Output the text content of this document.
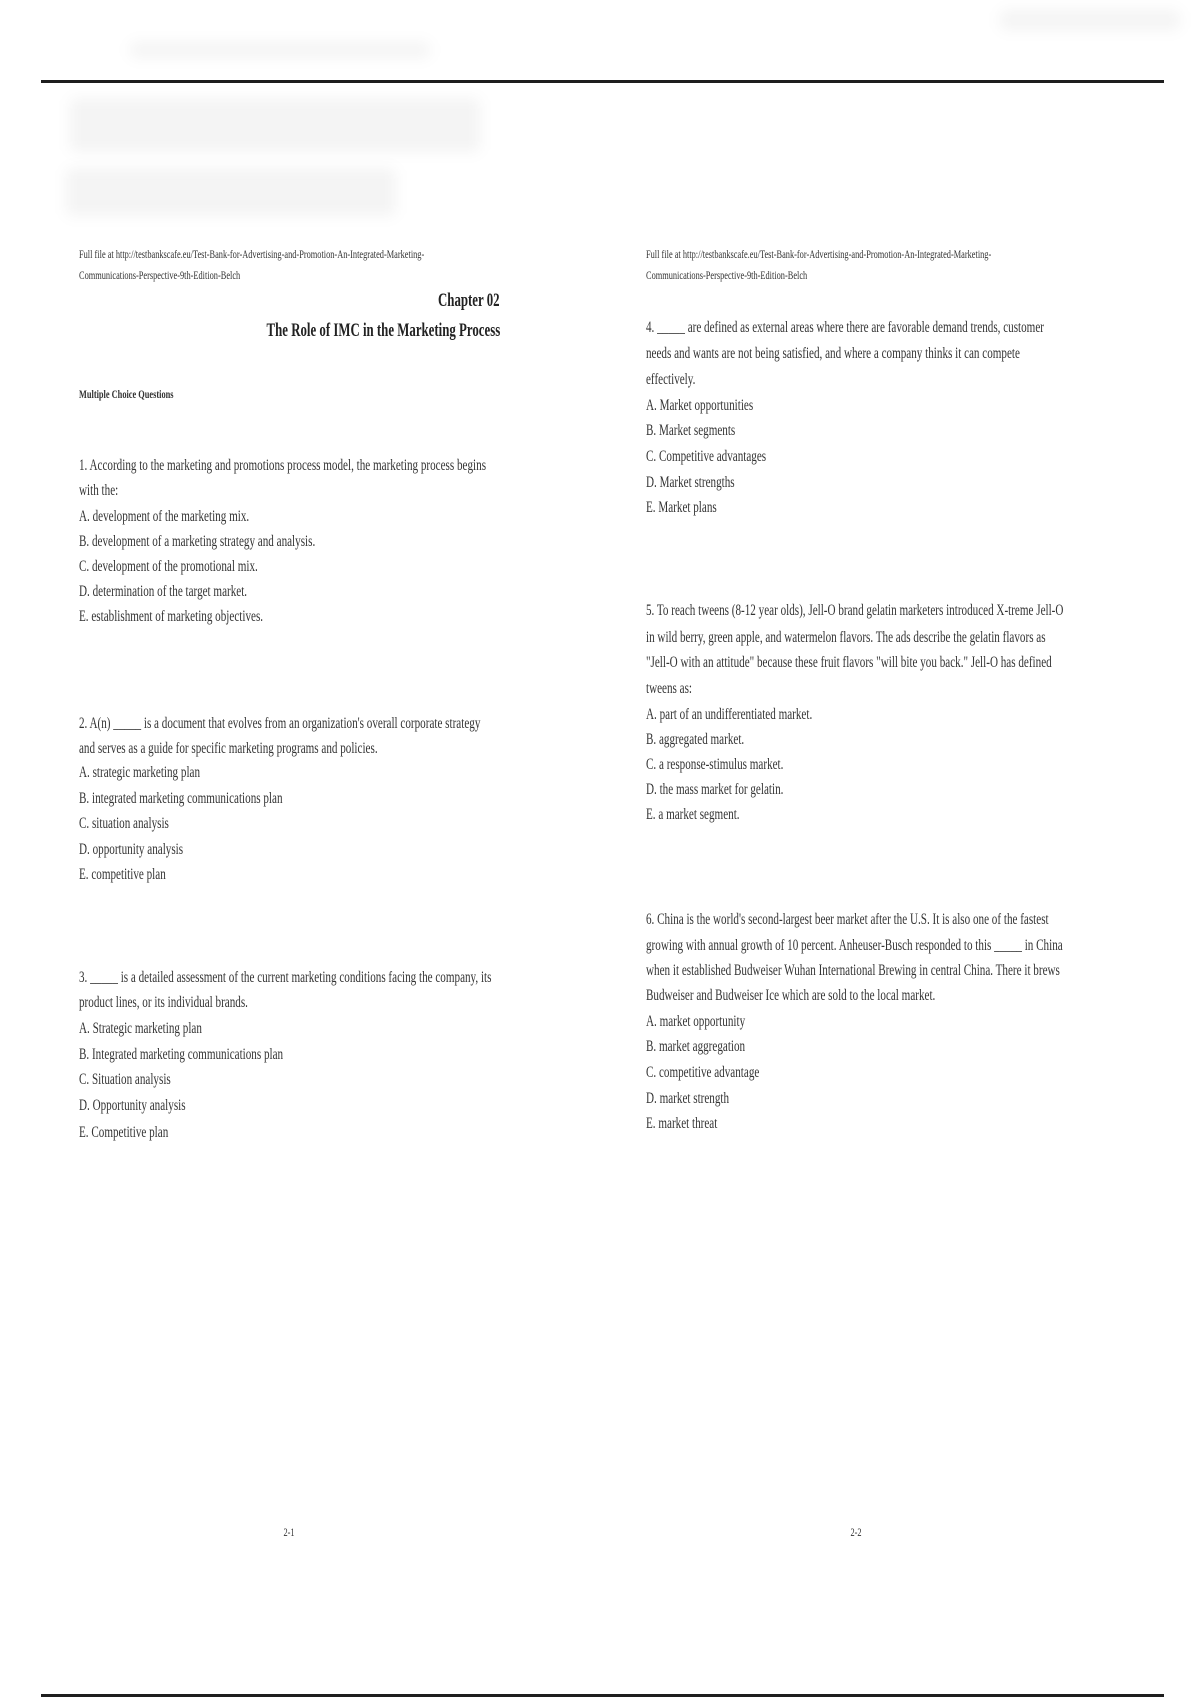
Full file at http://testbankscafe.eu/Test-Bank-for-Advertising-and-Promotion-An-Integrated-Marketing-
Communications-Perspective-9th-Edition-Belch
Chapter 02
The Role of IMC in the Marketing Process
Multiple Choice Questions
1. According to the marketing and promotions process model, the marketing process begins
with the:
A. development of the marketing mix.
B. development of a marketing strategy and analysis.
C. development of the promotional mix.
D. determination of the target market.
E. establishment of marketing objectives.
2. A(n) _____ is a document that evolves from an organization's overall corporate strategy
and serves as a guide for specific marketing programs and policies.
A. strategic marketing plan
B. integrated marketing communications plan
C. situation analysis
D. opportunity analysis
E. competitive plan
3. _____ is a detailed assessment of the current marketing conditions facing the company, its
product lines, or its individual brands.
A. Strategic marketing plan
B. Integrated marketing communications plan
C. Situation analysis
D. Opportunity analysis
E. Competitive plan
2-1
Full file at http://testbankscafe.eu/Test-Bank-for-Advertising-and-Promotion-An-Integrated-Marketing-
Communications-Perspective-9th-Edition-Belch
4. _____ are defined as external areas where there are favorable demand trends, customer
needs and wants are not being satisfied, and where a company thinks it can compete
effectively.
A. Market opportunities
B. Market segments
C. Competitive advantages
D. Market strengths
E. Market plans
5. To reach tweens (8-12 year olds), Jell-O brand gelatin marketers introduced X-treme Jell-O
in wild berry, green apple, and watermelon flavors. The ads describe the gelatin flavors as
"Jell-O with an attitude" because these fruit flavors "will bite you back." Jell-O has defined
tweens as:
A. part of an undifferentiated market.
B. aggregated market.
C. a response-stimulus market.
D. the mass market for gelatin.
E. a market segment.
6. China is the world's second-largest beer market after the U.S. It is also one of the fastest
growing with annual growth of 10 percent. Anheuser-Busch responded to this _____ in China
when it established Budweiser Wuhan International Brewing in central China. There it brews
Budweiser and Budweiser Ice which are sold to the local market.
A. market opportunity
B. market aggregation
C. competitive advantage
D. market strength
E. market threat
2-2
